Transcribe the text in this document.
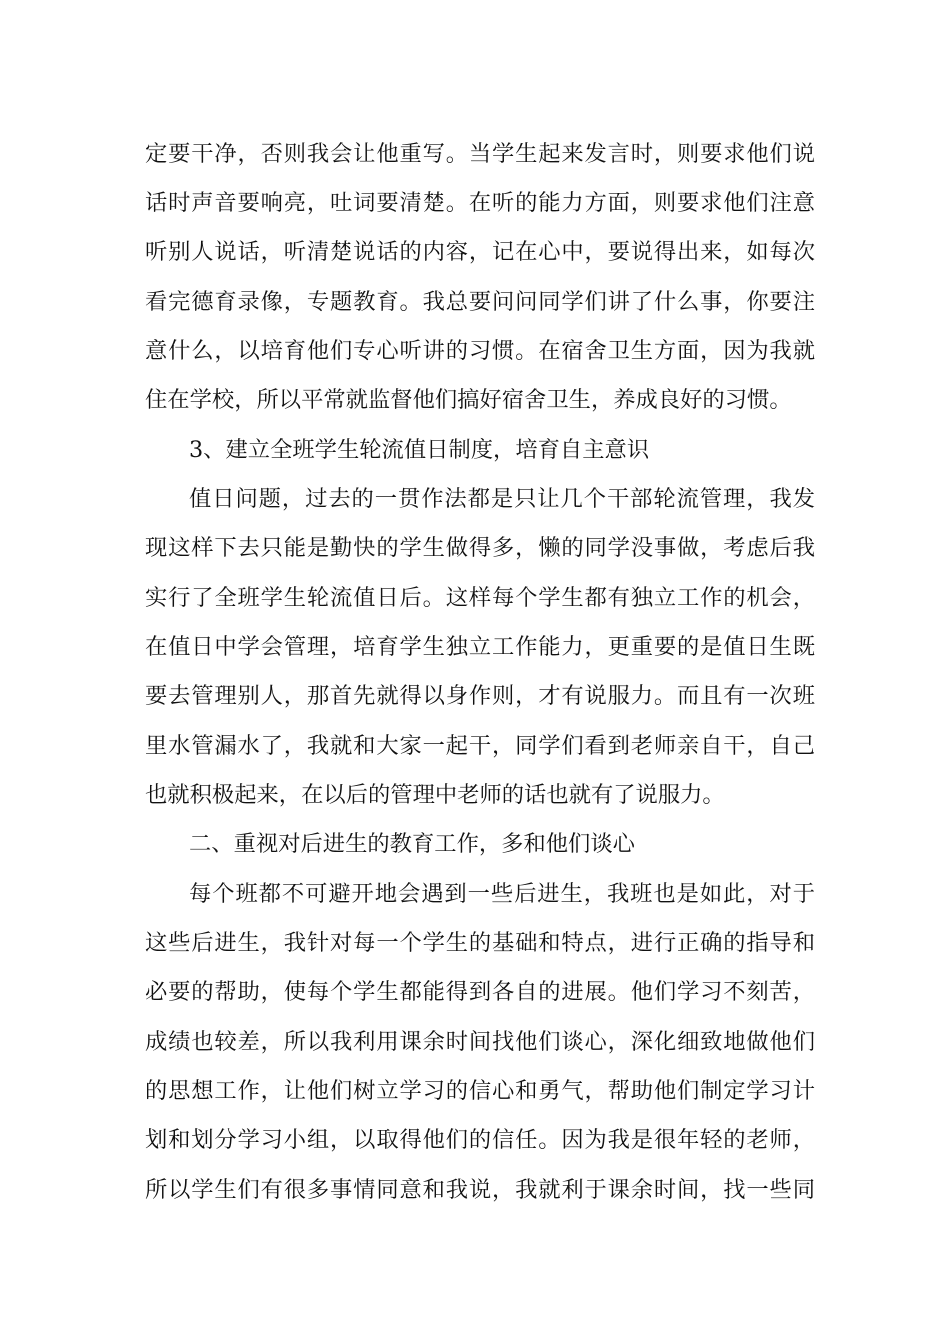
定要干净，否则我会让他重写。当学生起来发言时，则要求他们说
话时声音要响亮，吐词要清楚。在听的能力方面，则要求他们注意
听别人说话，听清楚说话的内容，记在心中，要说得出来，如每次
看完德育录像，专题教育。我总要问问同学们讲了什么事，你要注
意什么，以培育他们专心听讲的习惯。在宿舍卫生方面，因为我就
住在学校，所以平常就监督他们搞好宿舍卫生，养成良好的习惯。
3、建立全班学生轮流值日制度，培育自主意识
值日问题，过去的一贯作法都是只让几个干部轮流管理，我发
现这样下去只能是勤快的学生做得多，懒的同学没事做，考虑后我
实行了全班学生轮流值日后。这样每个学生都有独立工作的机会，
在值日中学会管理，培育学生独立工作能力，更重要的是值日生既
要去管理别人，那首先就得以身作则，才有说服力。而且有一次班
里水管漏水了，我就和大家一起干，同学们看到老师亲自干，自己
也就积极起来，在以后的管理中老师的话也就有了说服力。
二、重视对后进生的教育工作，多和他们谈心
每个班都不可避开地会遇到一些后进生，我班也是如此，对于
这些后进生，我针对每一个学生的基础和特点，进行正确的指导和
必要的帮助，使每个学生都能得到各自的进展。他们学习不刻苦，
成绩也较差，所以我利用课余时间找他们谈心，深化细致地做他们
的思想工作，让他们树立学习的信心和勇气，帮助他们制定学习计
划和划分学习小组，以取得他们的信任。因为我是很年轻的老师，
所以学生们有很多事情同意和我说，我就利于课余时间，找一些同
